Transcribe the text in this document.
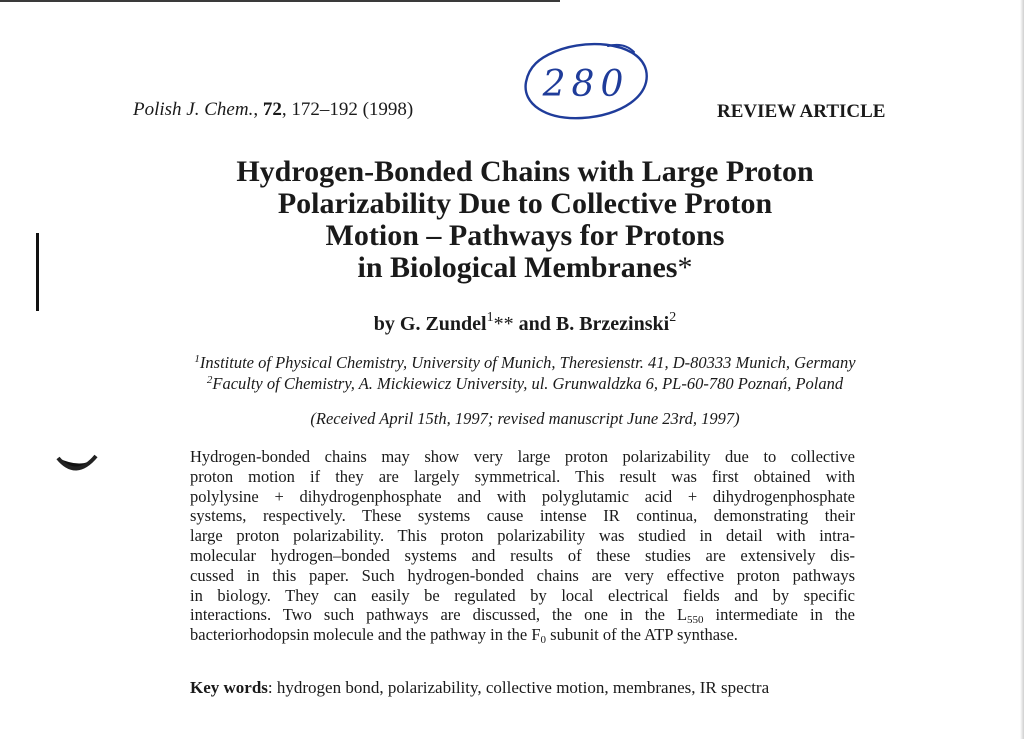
Polish J. Chem., 72, 172–192 (1998)
280
REVIEW ARTICLE
Hydrogen-Bonded Chains with Large Proton
Polarizability Due to Collective Proton
Motion – Pathways for Protons
in Biological Membranes*
by G. Zundel$^1$** and B. Brzezinski$^2$
$^1$Institute of Physical Chemistry, University of Munich, Theresienstr. 41, D-80333 Munich, Germany
$^2$Faculty of Chemistry, A. Mickiewicz University, ul. Grunwaldzka 6, PL-60-780 Poznań, Poland
(Received April 15th, 1997; revised manuscript June 23rd, 1997)
Hydrogen-bonded chains may show very large proton polarizability due to collective
proton motion if they are largely symmetrical. This result was first obtained with
polylysine + dihydrogenphosphate and with polyglutamic acid + dihydrogenphosphate
systems, respectively. These systems cause intense IR continua, demonstrating their
large proton polarizability. This proton polarizability was studied in detail with intra-
molecular hydrogen–bonded systems and results of these studies are extensively dis-
cussed in this paper. Such hydrogen-bonded chains are very effective proton pathways
in biology. They can easily be regulated by local electrical fields and by specific
interactions. Two such pathways are discussed, the one in the $L_{550}$ intermediate in the
bacteriorhodopsin molecule and the pathway in the $F_0$ subunit of the ATP synthase.
Key words: hydrogen bond, polarizability, collective motion, membranes, IR spectra
